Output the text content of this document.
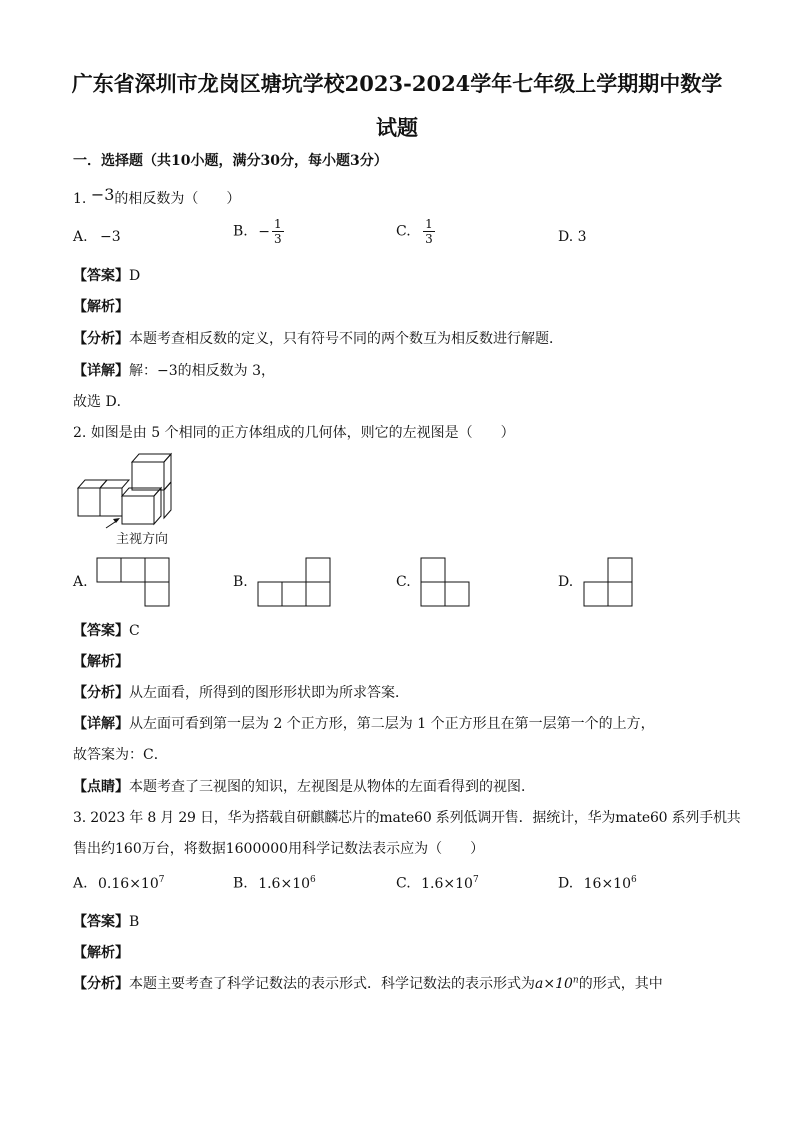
广东省深圳市龙岗区塘坑学校2023-2024学年七年级上学期期中数学
试题
一．选择题（共10小题，满分30分，每小题3分）
1. −3的相反数为（　　）
A. −3	B. − $\frac{1}{3}$	C. $\frac{1}{3}$	D. 3
【答案】D
【解析】
【分析】本题考查相反数的定义，只有符号不同的两个数互为相反数进行解题．
【详解】解：−3的相反数为 3，
故选 D．
2. 如图是由 5 个相同的正方体组成的几何体，则它的左视图是（　　）
主视方向
A.	B.	C.	D.
【答案】C
【解析】
【分析】从左面看，所得到的图形形状即为所求答案．
【详解】从左面可看到第一层为 2 个正方形，第二层为 1 个正方形且在第一层第一个的上方，
故答案为：C．
【点睛】本题考查了三视图的知识，左视图是从物体的左面看得到的视图．
3. 2023 年 8 月 29 日，华为搭载自研麒麟芯片的mate60 系列低调开售．据统计，华为mate60 系列手机共
售出约160万台，将数据1600000用科学记数法表示应为（　　）
A. $0.16\times 10^7$	B. $1.6\times 10^6$	C. $1.6\times 10^7$	D. $16\times 10^6$
【答案】B
【解析】
【分析】本题主要考查了科学记数法的表示形式．科学记数法的表示形式为$a\times 10^n$的形式，其中
